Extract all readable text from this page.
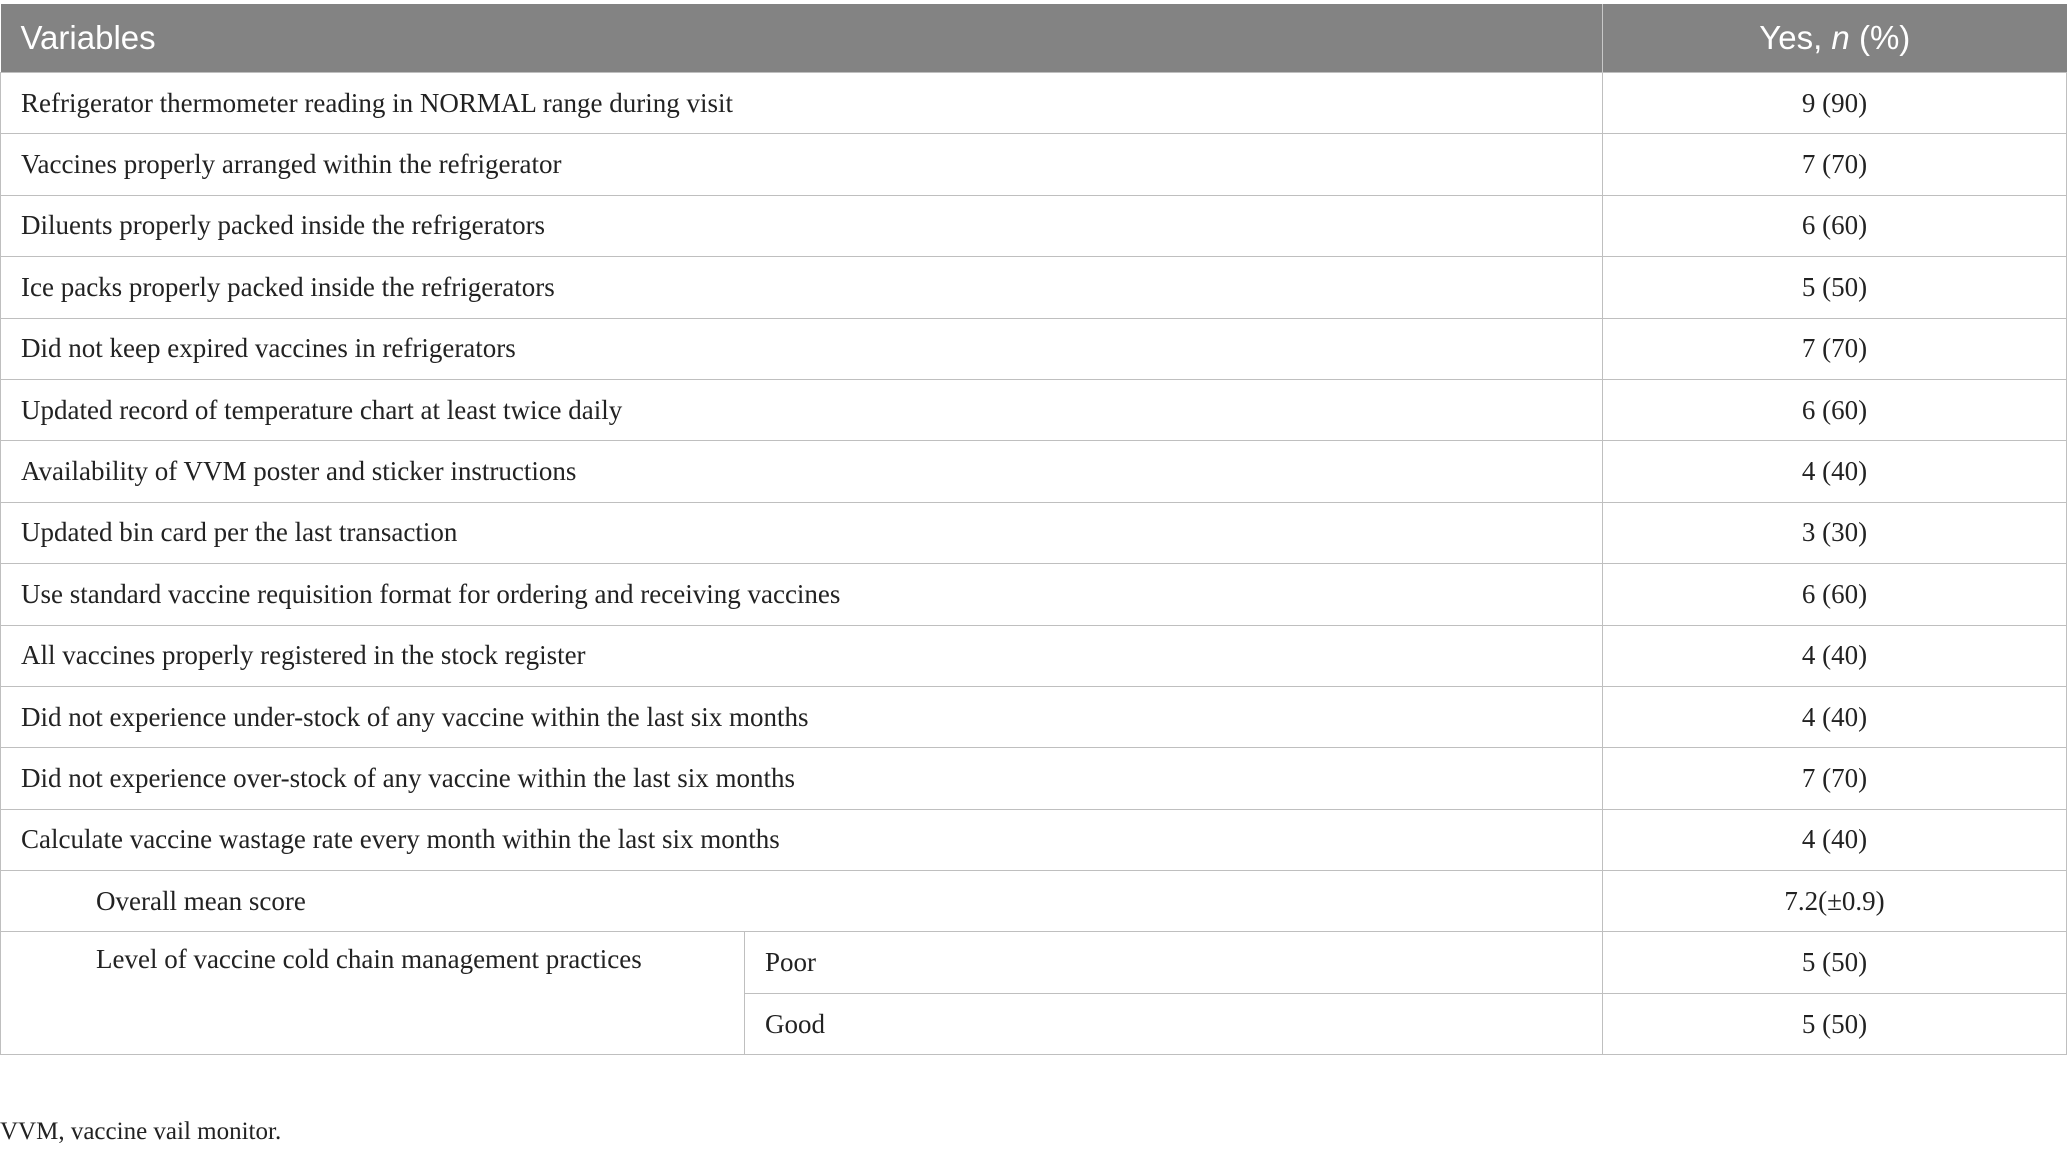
Variables		Yes, n (%)
Refrigerator thermometer reading in NORMAL range during visit		9 (90)
Vaccines properly arranged within the refrigerator		7 (70)
Diluents properly packed inside the refrigerators		6 (60)
Ice packs properly packed inside the refrigerators		5 (50)
Did not keep expired vaccines in refrigerators		7 (70)
Updated record of temperature chart at least twice daily		6 (60)
Availability of VVM poster and sticker instructions		4 (40)
Updated bin card per the last transaction		3 (30)
Use standard vaccine requisition format for ordering and receiving vaccines		6 (60)
All vaccines properly registered in the stock register		4 (40)
Did not experience under-stock of any vaccine within the last six months		4 (40)
Did not experience over-stock of any vaccine within the last six months		7 (70)
Calculate vaccine wastage rate every month within the last six months		4 (40)
Overall mean score		7.2(±0.9)
Level of vaccine cold chain management practices	Poor	5 (50)
	Good	5 (50)
VVM, vaccine vail monitor.
